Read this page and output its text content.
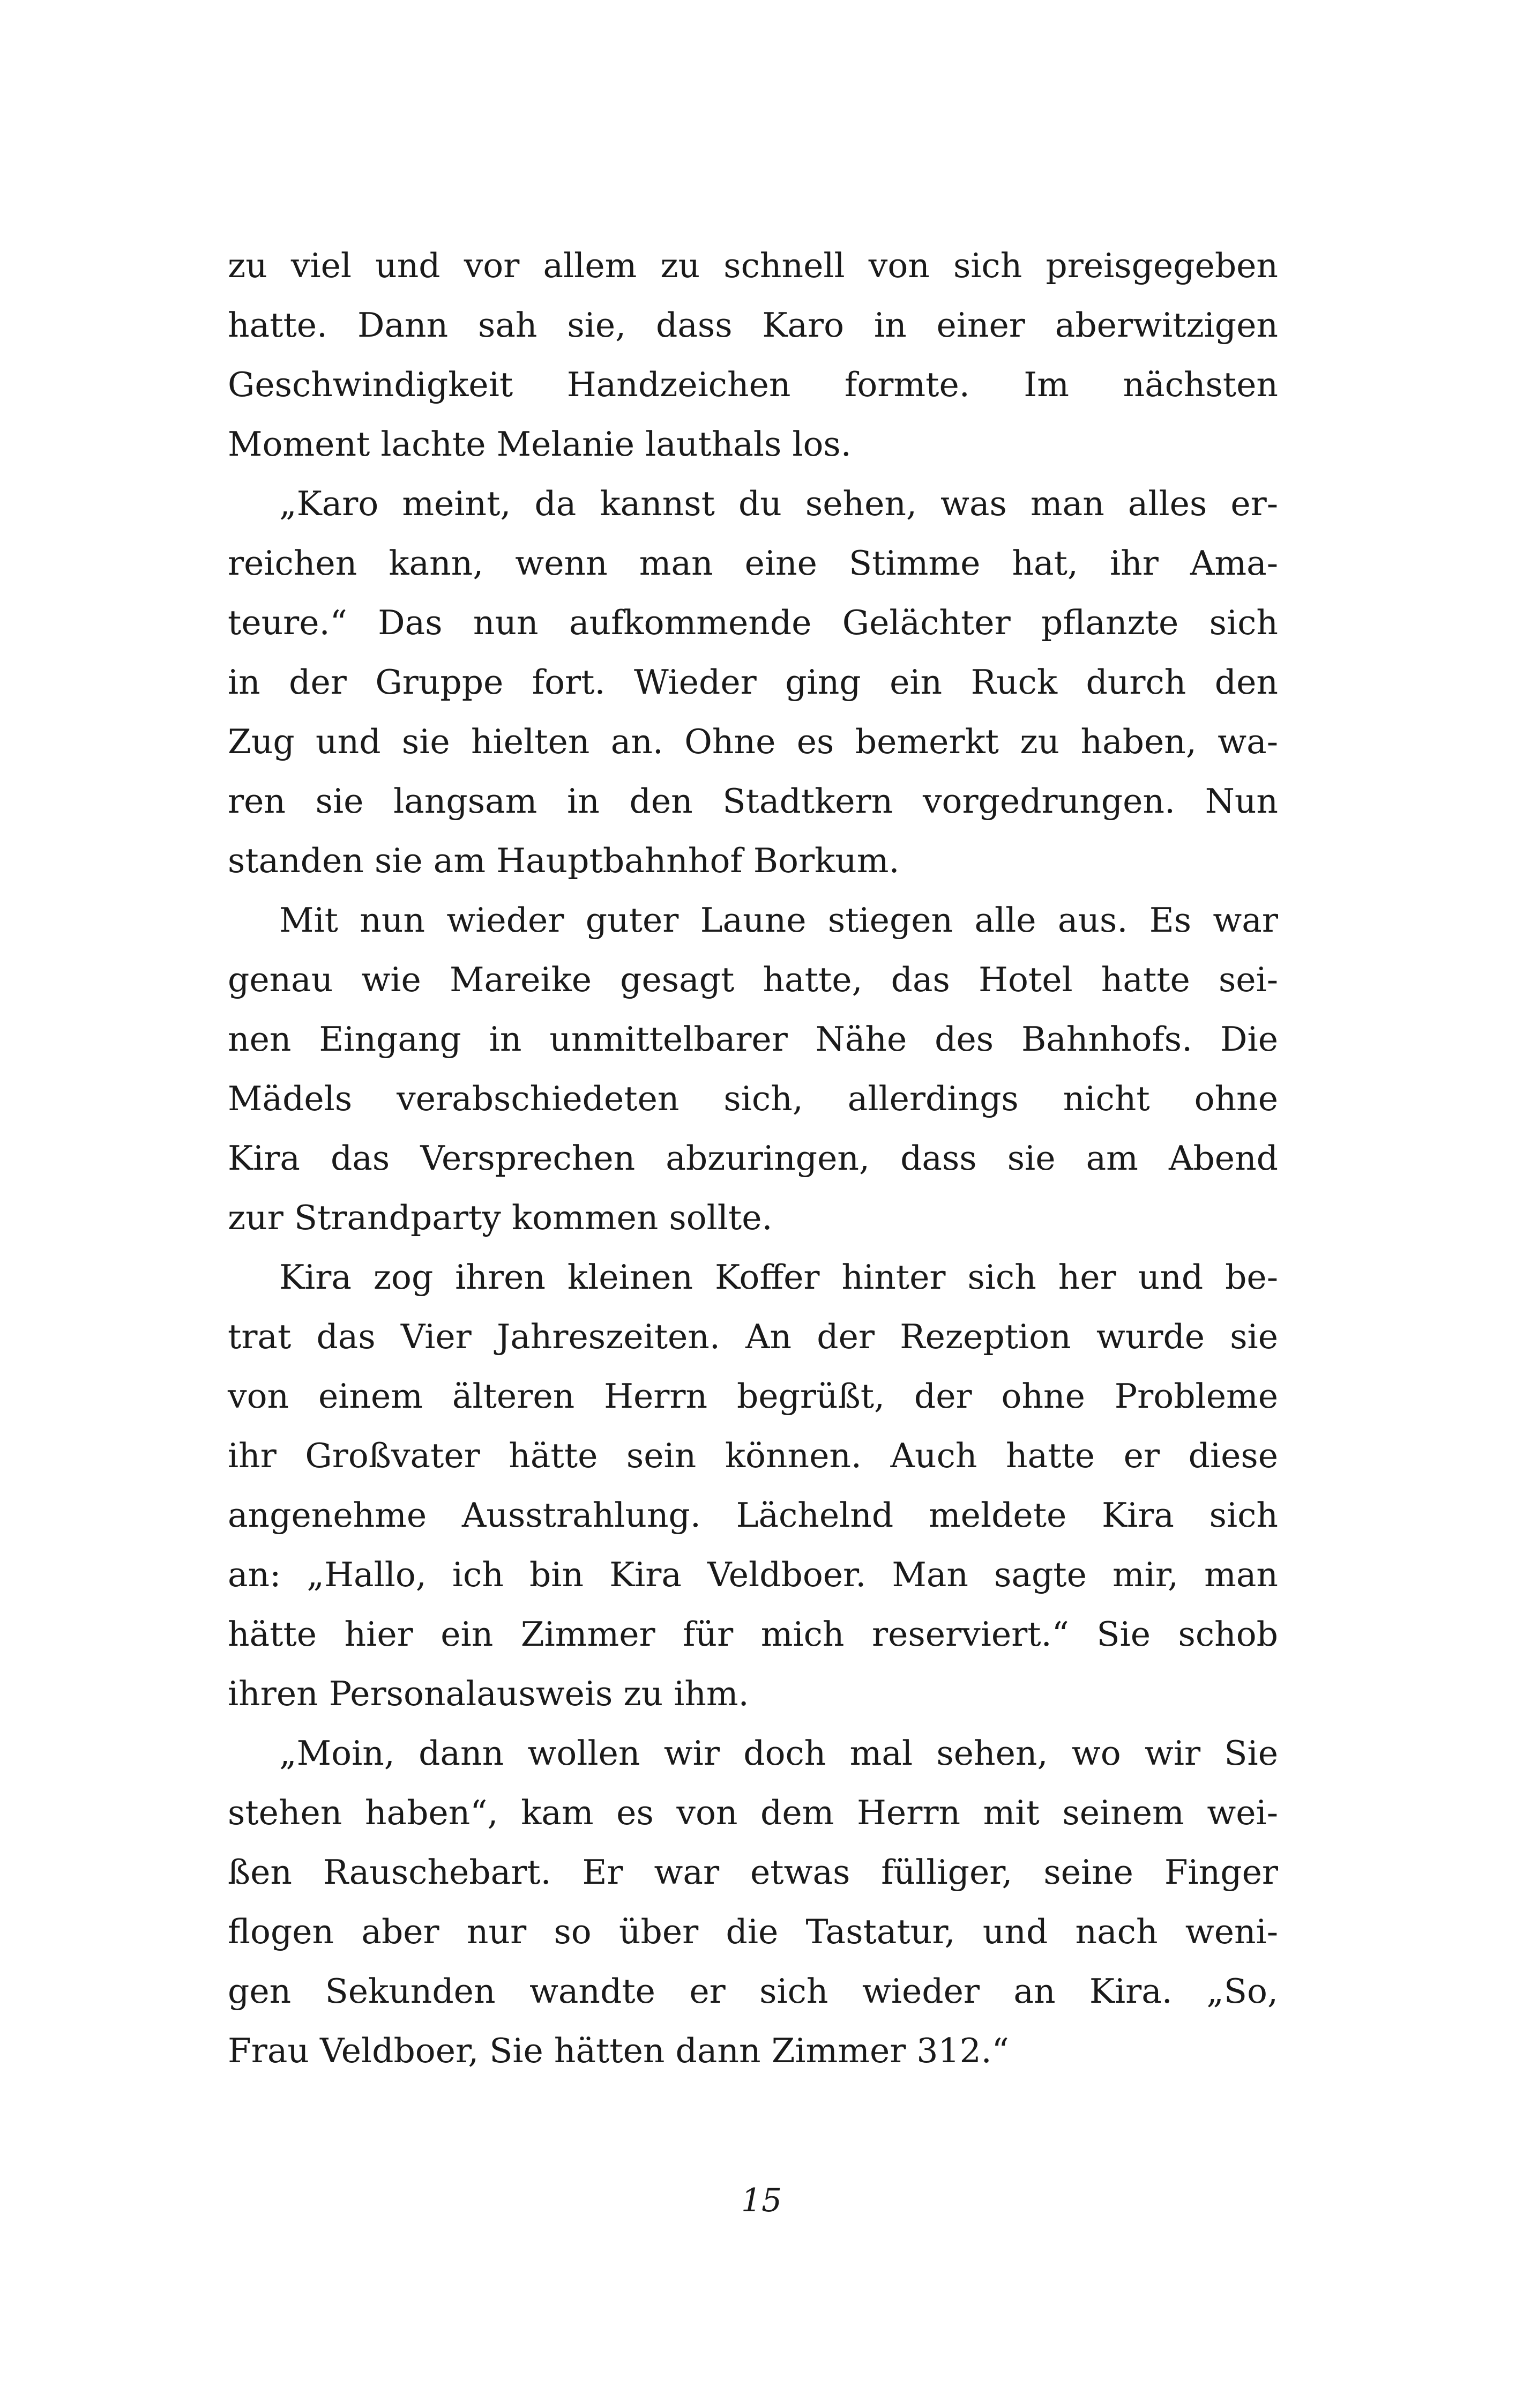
zu viel und vor allem zu schnell von sich preisgegeben
hatte. Dann sah sie, dass Karo in einer aberwitzigen
Geschwindigkeit Handzeichen formte. Im nächsten
Moment lachte Melanie lauthals los.
„Karo meint, da kannst du sehen, was man alles er-
reichen kann, wenn man eine Stimme hat, ihr Ama-
teure.“ Das nun aufkommende Gelächter pflanzte sich
in der Gruppe fort. Wieder ging ein Ruck durch den
Zug und sie hielten an. Ohne es bemerkt zu haben, wa-
ren sie langsam in den Stadtkern vorgedrungen. Nun
standen sie am Hauptbahnhof Borkum.
Mit nun wieder guter Laune stiegen alle aus. Es war
genau wie Mareike gesagt hatte, das Hotel hatte sei-
nen Eingang in unmittelbarer Nähe des Bahnhofs. Die
Mädels verabschiedeten sich, allerdings nicht ohne
Kira das Versprechen abzuringen, dass sie am Abend
zur Strandparty kommen sollte.
Kira zog ihren kleinen Koffer hinter sich her und be-
trat das Vier Jahreszeiten. An der Rezeption wurde sie
von einem älteren Herrn begrüßt, der ohne Probleme
ihr Großvater hätte sein können. Auch hatte er diese
angenehme Ausstrahlung. Lächelnd meldete Kira sich
an: „Hallo, ich bin Kira Veldboer. Man sagte mir, man
hätte hier ein Zimmer für mich reserviert.“ Sie schob
ihren Personalausweis zu ihm.
„Moin, dann wollen wir doch mal sehen, wo wir Sie
stehen haben“, kam es von dem Herrn mit seinem wei-
ßen Rauschebart. Er war etwas fülliger, seine Finger
flogen aber nur so über die Tastatur, und nach weni-
gen Sekunden wandte er sich wieder an Kira. „So,
Frau Veldboer, Sie hätten dann Zimmer 312.“
15
